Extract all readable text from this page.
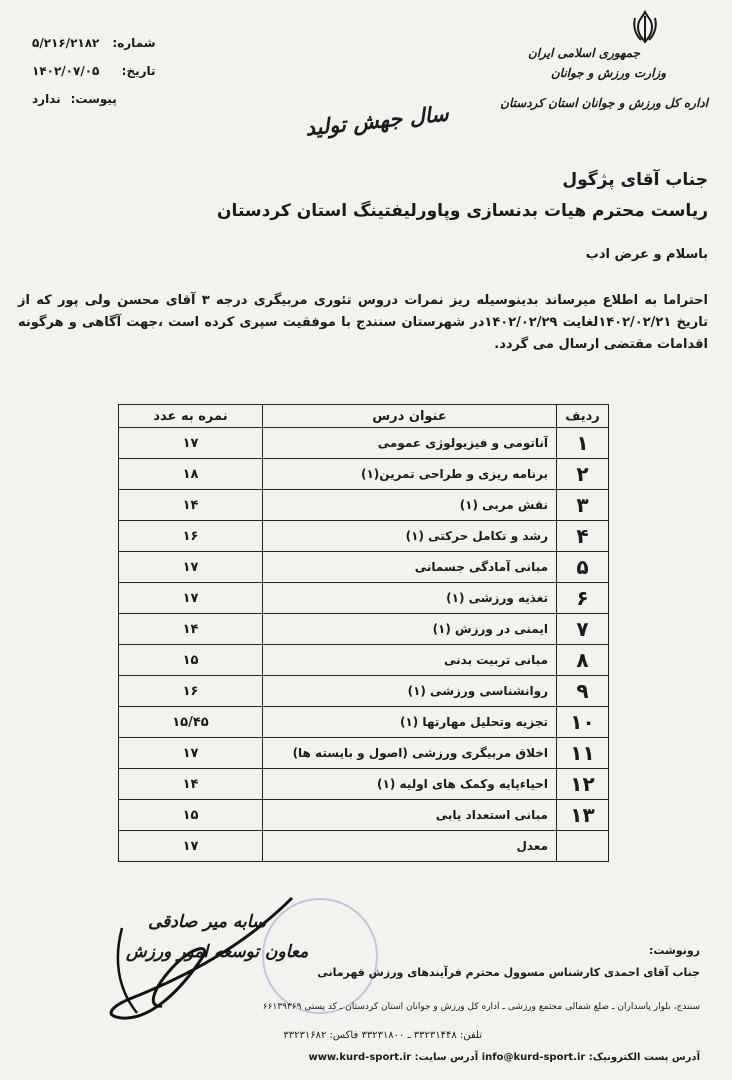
جمهوری اسلامی ایران
وزارت ورزش و جوانان
اداره کل ورزش و جوانان استان کردستان
شماره: ۵/۲۱۶/۲۱۸۲
تاریخ: ۱۴۰۲/۰۷/۰۵
پیوست: ندارد
سال جهش تولید
جناب آقای پژگول
ریاست محترم هیات بدنسازی وپاورلیفتینگ استان کردستان
باسلام و عرض ادب
احتراما به اطلاع میرساند بدینوسیله ریز نمرات دروس تئوری مربیگری درجه ۳ آقای محسن ولی پور که از تاریخ ۱۴۰۲/۰۲/۲۱لغایت ۱۴۰۲/۰۲/۲۹در شهرستان سنندج با موفقیت سپری کرده است ،جهت آگاهی و هرگونه اقدامات مقتضی ارسال می گردد.
ردیف	عنوان درس	نمره به عدد
۱	آناتومی و فیزیولوژی عمومی	۱۷
۲	برنامه ریزی و طراحی تمرین(۱)	۱۸
۳	نقش مربی (۱)	۱۴
۴	رشد و تکامل حرکتی (۱)	۱۶
۵	مبانی آمادگی جسمانی	۱۷
۶	تغذیه ورزشی (۱)	۱۷
۷	ایمنی در ورزش (۱)	۱۴
۸	مبانی تربیت بدنی	۱۵
۹	روانشناسی ورزشی (۱)	۱۶
۱۰	تجزیه وتحلیل مهارتها (۱)	۱۵/۴۵
۱۱	اخلاق مربیگری ورزشی (اصول و بایسته ها)	۱۷
۱۲	احیاءپایه وکمک های اولیه (۱)	۱۴
۱۳	مبانی استعداد یابی	۱۵
	معدل	۱۷
سابه میر صادقی
معاون توسعه امور ورزش	رونوشت:
جناب آقای احمدی کارشناس مسوول محترم فرآیندهای ورزش قهرمانی
سنندج، بلوار پاسداران ـ ضلع شمالی مجتمع ورزشی ـ اداره کل ورزش و جوانان استان کردستان ـ کد پستی ۶۶۱۳۹۳۶۹
تلفن: ۳۳۲۳۱۴۴۸ ـ ۳۳۲۳۱۸۰۰ فاکس: ۳۳۲۳۱۶۸۲
آدرس پست الکترونیک: info@kurd-sport.ir آدرس سایت: www.kurd-sport.ir
